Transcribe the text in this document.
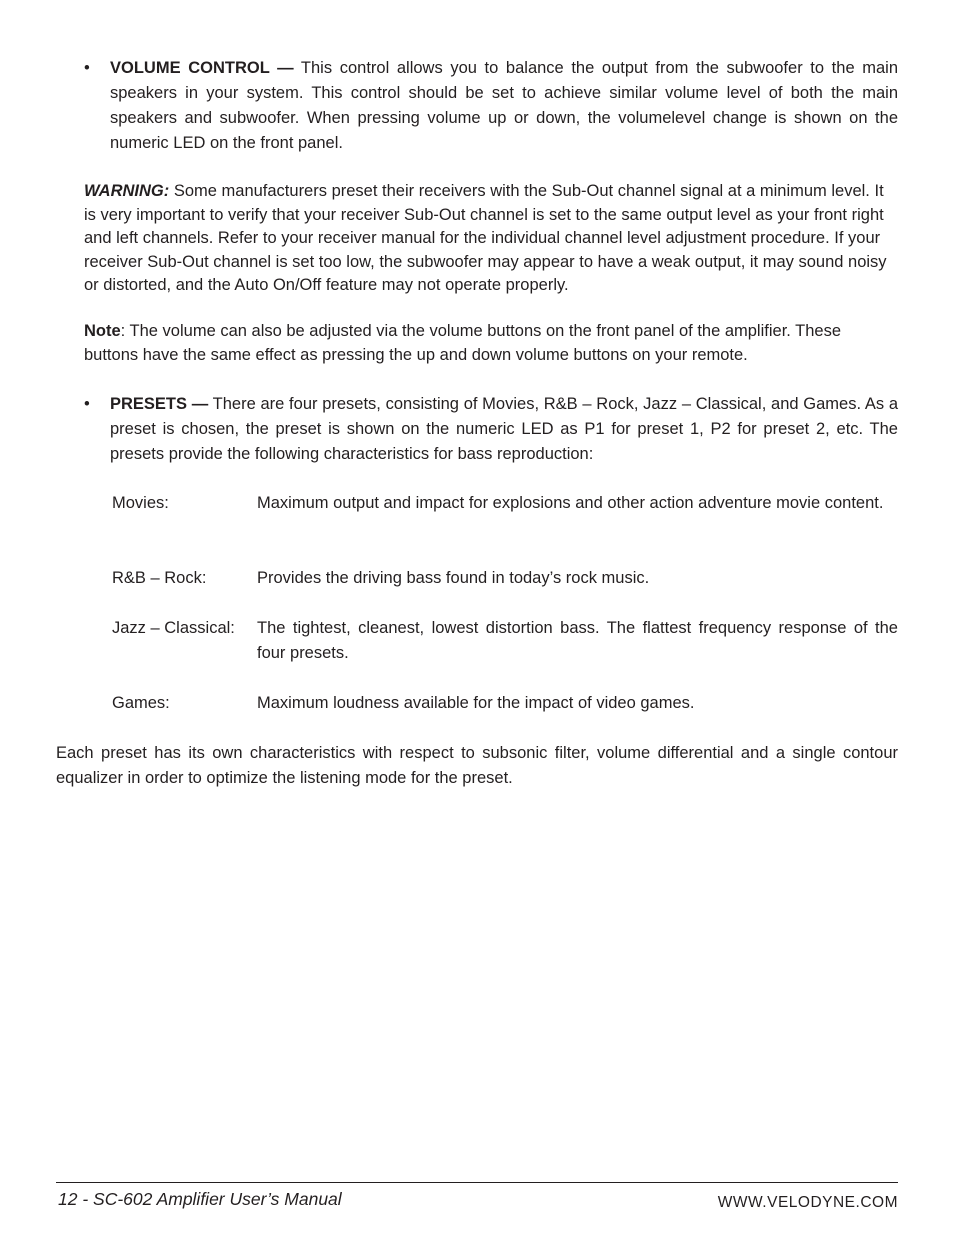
•	VOLUME CONTROL — This control allows you to balance the output from the subwoofer to the main speakers in your system. This control should be set to achieve similar volume level of both the main speakers and subwoofer. When pressing volume up or down, the volumelevel change is shown on the numeric LED on the front panel.
WARNING: Some manufacturers preset their receivers with the Sub-Out channel signal at a minimum level. It is very important to verify that your receiver Sub-Out channel is set to the same output level as your front right and left channels. Refer to your receiver manual for the individual channel level adjustment procedure. If your receiver Sub-Out channel is set too low, the subwoofer may appear to have a weak output, it may sound noisy or distorted, and the Auto On/Off feature may not operate properly.
Note: The volume can also be adjusted via the volume buttons on the front panel of the amplifier. These buttons have the same effect as pressing the up and down volume buttons on your remote.
•	PRESETS — There are four presets, consisting of Movies, R&B – Rock, Jazz – Classical, and Games. As a preset is chosen, the preset is shown on the numeric LED as P1 for preset 1, P2 for preset 2, etc. The presets provide the following characteristics for bass reproduction:
Movies:	Maximum output and impact for explosions and other action adventure movie content.
R&B – Rock:	Provides the driving bass found in today’s rock music.
Jazz – Classical:	The tightest, cleanest, lowest distortion bass. The flattest frequency response of the four presets.
Games:	Maximum loudness available for the impact of video games.
Each preset has its own characteristics with respect to subsonic filter, volume differential and a single contour equalizer in order to optimize the listening mode for the preset.
12 - SC-602 Amplifier User’s Manual	WWW.VELODYNE.COM
